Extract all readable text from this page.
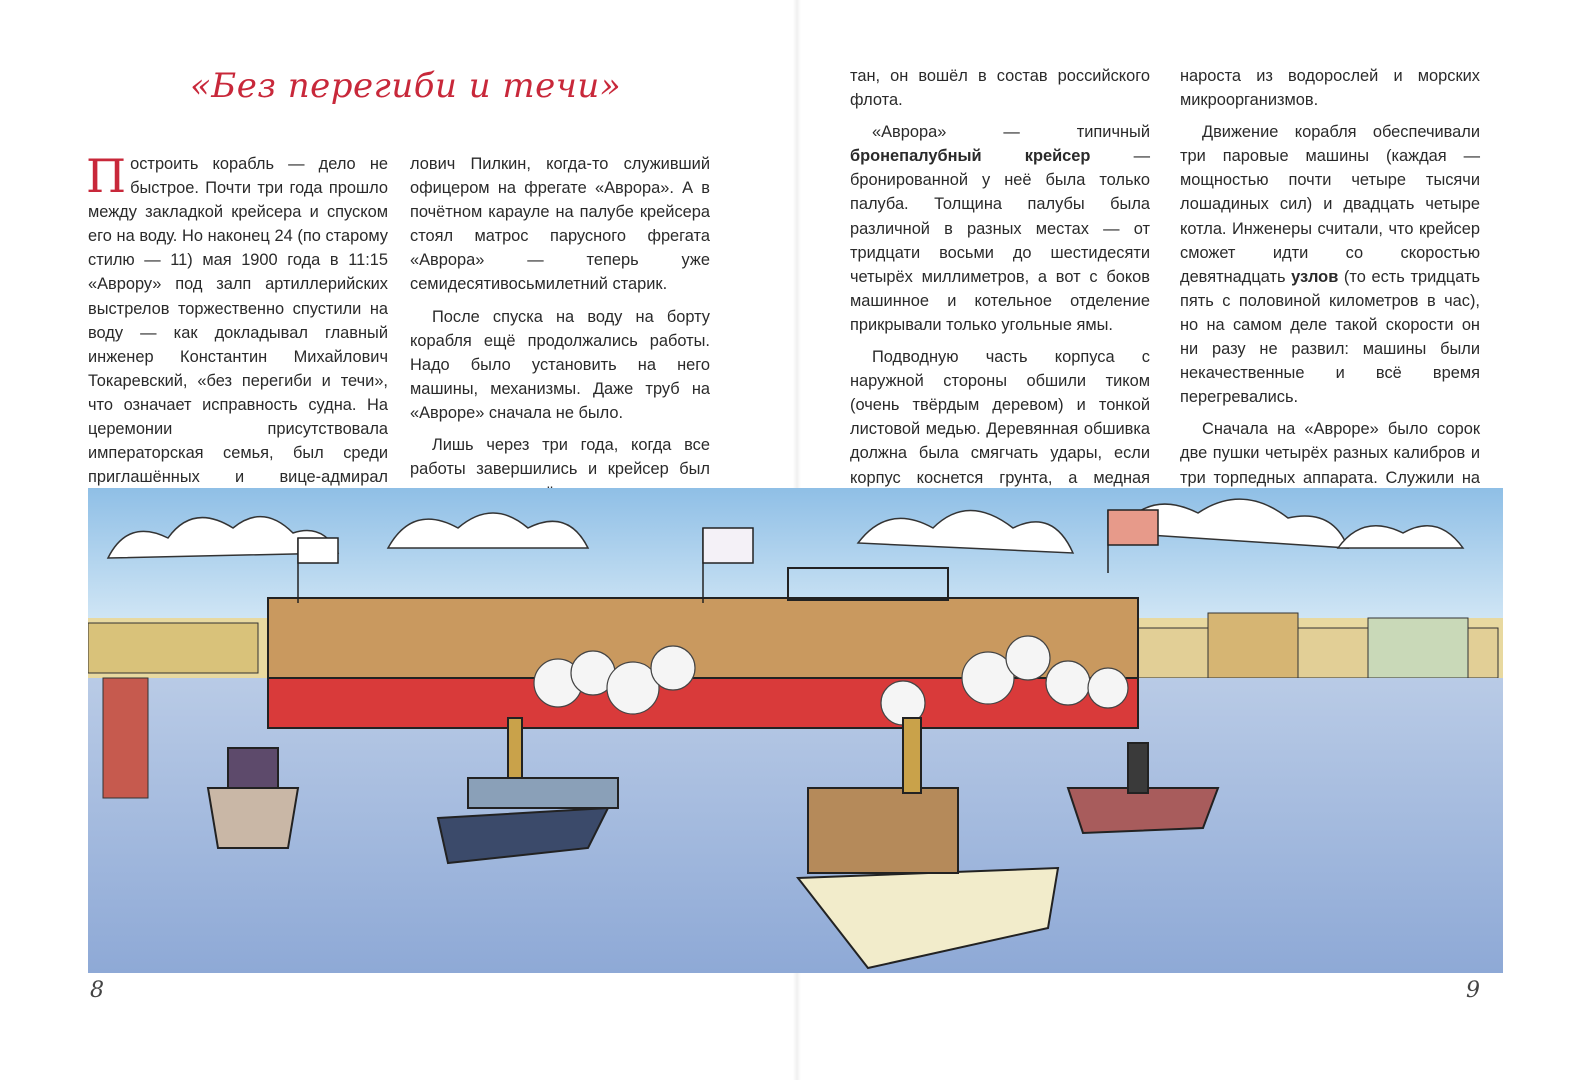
«Без перегиби и течи»

Построить корабль — дело не быстрое. Почти три года прошло между закладкой крейсера и спуском его на воду. Но наконец 24 (по старому стилю — 11) мая 1900 года в 11:15 «Аврору» под залп артиллерийских выстрелов торжественно спустили на воду — как докладывал главный инженер Константин Михайлович Токаревский, «без перегиби и течи», что означает исправность судна. На церемонии присутствовала императорская семья, был среди приглашённых и вице-адмирал

лович Пилкин, когда-то служивший офицером на фрегате «Аврора». А в почётном карауле на палубе крейсера стоял матрос парусного фрегата «Аврора» — теперь уже семидесятивосьмилетний старик.

После спуска на воду на борту корабля ещё продолжались работы. Надо было установить на него машины, механизмы. Даже труб на «Авроре» сначала не было.

Лишь через три года, когда все работы завершились и крейсер был

тан, он вошёл в состав российского флота.

«Аврора» — типичный бронепалубный крейсер — бронированной у неё была только палуба. Толщина палубы была различной в разных местах — от тридцати восьми до шестидесяти четырёх миллиметров, а вот с боков машинное и котельное отделение прикрывали только угольные ямы.

Подводную часть корпуса с наружной стороны обшили тиком (очень твёрдым деревом) и тонкой листовой медью. Деревянная обшивка должна была смягчать удары, если корпус коснется грунта, а медная

нароста из водорослей и морских микроорганизмов.

Движение корабля обеспечивали три паровые машины (каждая — мощностью почти четыре тысячи лошадиных сил) и двадцать четыре котла. Инженеры считали, что крейсер сможет идти со скоростью девятнадцать узлов (то есть тридцать пять с половиной километров в час), но на самом деле такой скорости он ни разу не развил: машины были некачественные и всё время перегревались.

Сначала на «Авроре» было сорок две пушки четырёх разных калибров и три торпедных аппарата. Служили на

8	9
